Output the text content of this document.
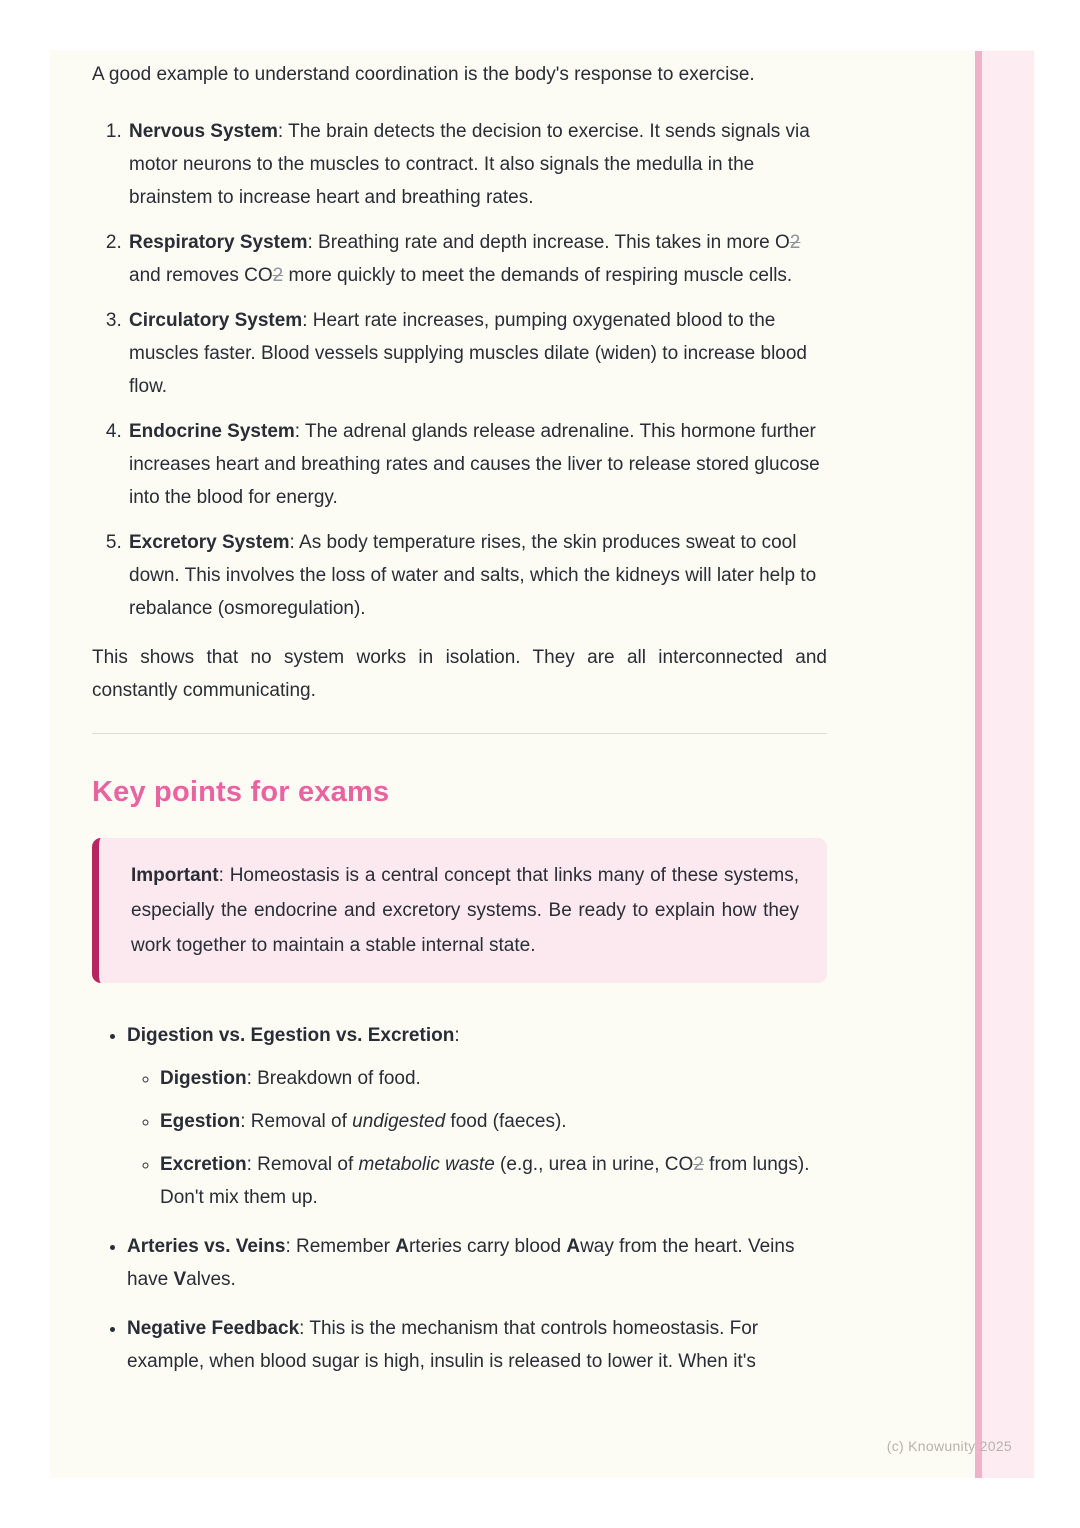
A good example to understand coordination is the body's response to exercise.

1. Nervous System: The brain detects the decision to exercise. It sends signals via motor neurons to the muscles to contract. It also signals the medulla in the brainstem to increase heart and breathing rates.
2. Respiratory System: Breathing rate and depth increase. This takes in more O2 and removes CO2 more quickly to meet the demands of respiring muscle cells.
3. Circulatory System: Heart rate increases, pumping oxygenated blood to the muscles faster. Blood vessels supplying muscles dilate (widen) to increase blood flow.
4. Endocrine System: The adrenal glands release adrenaline. This hormone further increases heart and breathing rates and causes the liver to release stored glucose into the blood for energy.
5. Excretory System: As body temperature rises, the skin produces sweat to cool down. This involves the loss of water and salts, which the kidneys will later help to rebalance (osmoregulation).

This shows that no system works in isolation. They are all interconnected and constantly communicating.

Key points for exams

Important: Homeostasis is a central concept that links many of these systems, especially the endocrine and excretory systems. Be ready to explain how they work together to maintain a stable internal state.

• Digestion vs. Egestion vs. Excretion:
◦ Digestion: Breakdown of food.
◦ Egestion: Removal of undigested food (faeces).
◦ Excretion: Removal of metabolic waste (e.g., urea in urine, CO2 from lungs). Don't mix them up.
• Arteries vs. Veins: Remember Arteries carry blood Away from the heart. Veins have Valves.
• Negative Feedback: This is the mechanism that controls homeostasis. For example, when blood sugar is high, insulin is released to lower it. When it's
(c) Knowunity 2025
